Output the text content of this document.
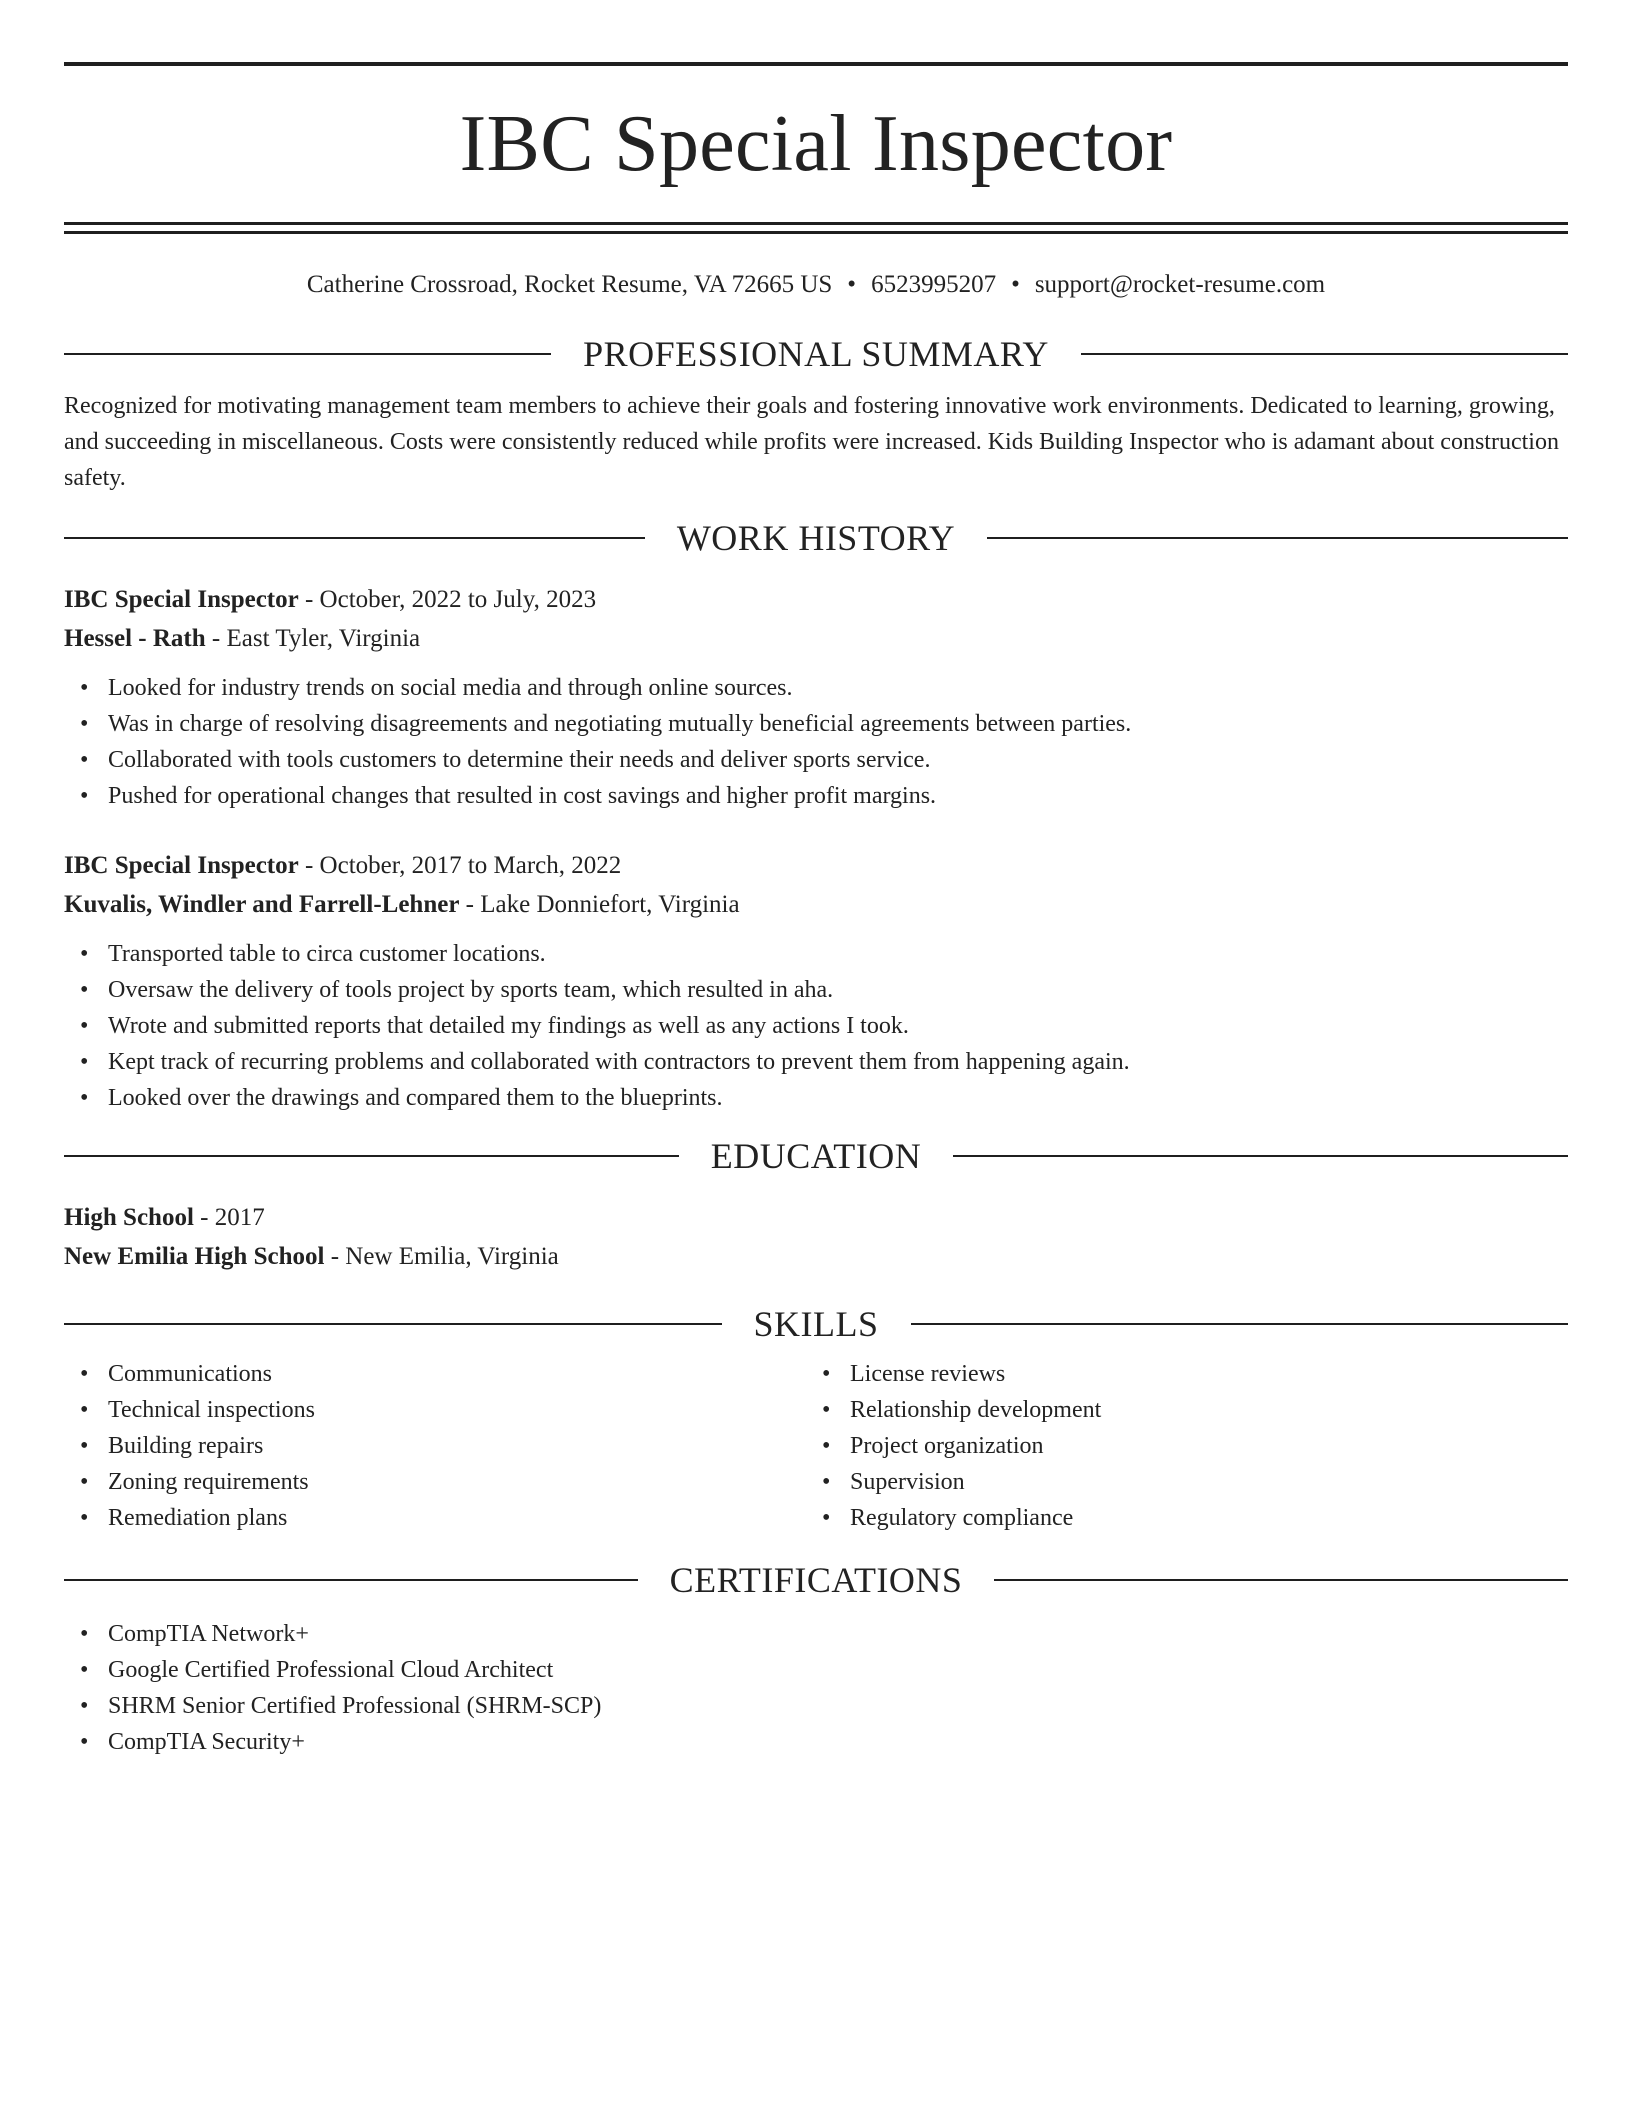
IBC Special Inspector
Catherine Crossroad, Rocket Resume, VA 72665 US • 6523995207 • support@rocket-resume.com
PROFESSIONAL SUMMARY

Recognized for motivating management team members to achieve their goals and fostering innovative work environments. Dedicated to learning, growing, and succeeding in miscellaneous. Costs were consistently reduced while profits were increased. Kids Building Inspector who is adamant about construction safety.

WORK HISTORY
IBC Special Inspector - October, 2022 to July, 2023
Hessel - Rath - East Tyler, Virginia
• Looked for industry trends on social media and through online sources.
• Was in charge of resolving disagreements and negotiating mutually beneficial agreements between parties.
• Collaborated with tools customers to determine their needs and deliver sports service.
• Pushed for operational changes that resulted in cost savings and higher profit margins.
IBC Special Inspector - October, 2017 to March, 2022
Kuvalis, Windler and Farrell-Lehner - Lake Donniefort, Virginia
• Transported table to circa customer locations.
• Oversaw the delivery of tools project by sports team, which resulted in aha.
• Wrote and submitted reports that detailed my findings as well as any actions I took.
• Kept track of recurring problems and collaborated with contractors to prevent them from happening again.
• Looked over the drawings and compared them to the blueprints.
EDUCATION
High School - 2017
New Emilia High School - New Emilia, Virginia
SKILLS
• Communications
• Technical inspections
• Building repairs
• Zoning requirements
• Remediation plans
• License reviews
• Relationship development
• Project organization
• Supervision
• Regulatory compliance
CERTIFICATIONS
• CompTIA Network+
• Google Certified Professional Cloud Architect
• SHRM Senior Certified Professional (SHRM-SCP)
• CompTIA Security+
